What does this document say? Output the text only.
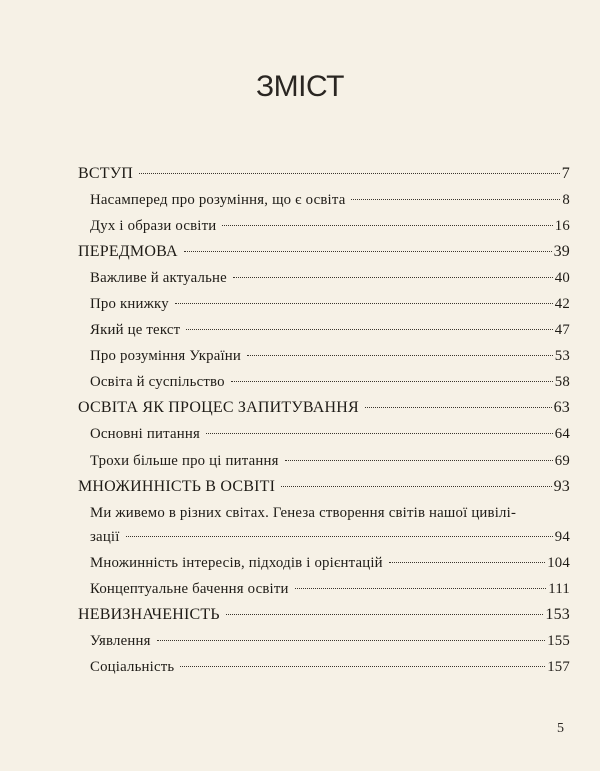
ЗМІСТ
ВСТУП	7
Насамперед про розуміння, що є освіта	8
Дух і образи освіти	16
ПЕРЕДМОВА	39
Важливе й актуальне	40
Про книжку	42
Який це текст	47
Про розуміння України	53
Освіта й суспільство	58
ОСВІТА ЯК ПРОЦЕС ЗАПИТУВАННЯ	63
Основні питання	64
Трохи більше про ці питання	69
МНОЖИННІСТЬ В ОСВІТІ	93
Ми живемо в різних світах. Генеза створення світів нашої цивілі-
зації	94
Множинність інтересів, підходів і орієнтацій	104
Концептуальне бачення освіти	111
НЕВИЗНАЧЕНІСТЬ	153
Уявлення	155
Соціальність	157
5
